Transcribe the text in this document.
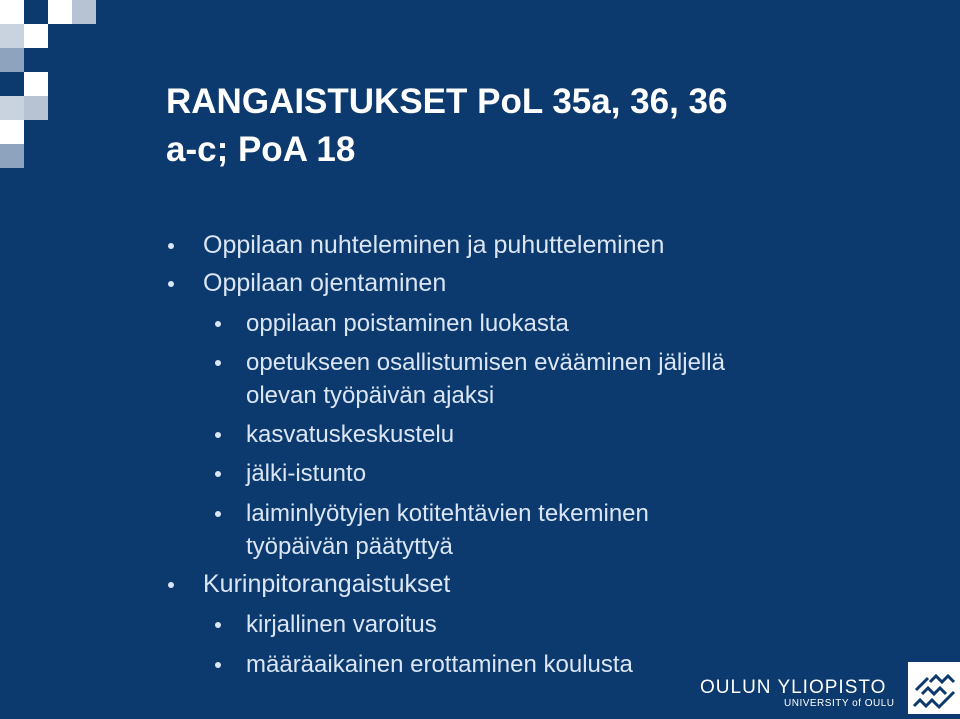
RANGAISTUKSET PoL 35a, 36, 36
a-c; PoA 18
Oppilaan nuhteleminen ja puhutteleminen
Oppilaan ojentaminen
oppilaan poistaminen luokasta
opetukseen osallistumisen evääminen jäljellä
olevan työpäivän ajaksi
kasvatuskeskustelu
jälki-istunto
laiminlyötyjen kotitehtävien tekeminen
työpäivän päätyttyä
Kurinpitorangaistukset
kirjallinen varoitus
määräaikainen erottaminen koulusta
OULUN YLIOPISTO
UNIVERSITY of OULU
